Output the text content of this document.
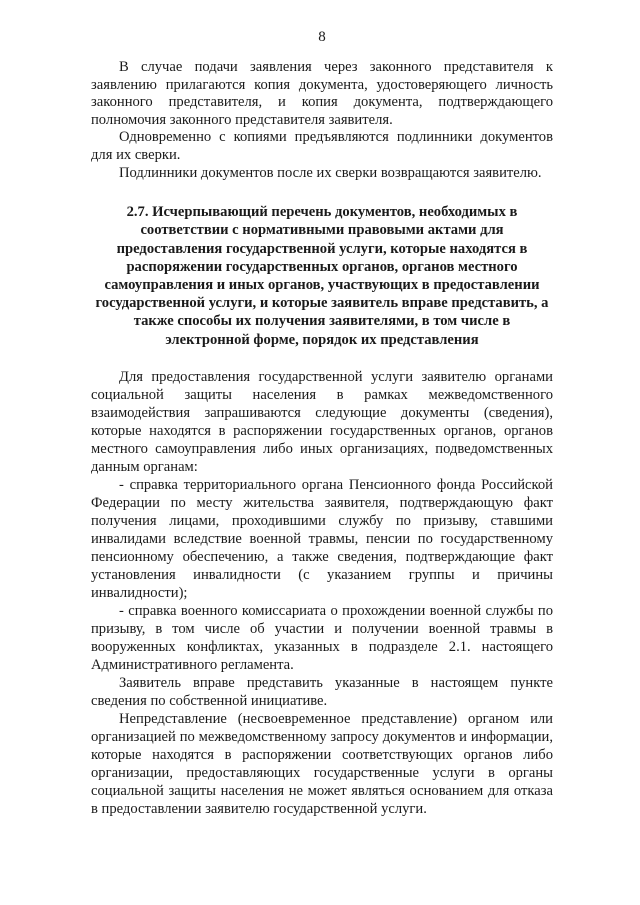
8

В случае подачи заявления через законного представителя к заявлению прилагаются копия документа, удостоверяющего личность законного представителя, и копия документа, подтверждающего полномочия законного представителя заявителя.

Одновременно с копиями предъявляются подлинники документов для их сверки.

Подлинники документов после их сверки возвращаются заявителю.

2.7. Исчерпывающий перечень документов, необходимых в соответствии с нормативными правовыми актами для предоставления государственной услуги, которые находятся в распоряжении государственных органов, органов местного самоуправления и иных органов, участвующих в предоставлении государственной услуги, и которые заявитель вправе представить, а также способы их получения заявителями, в том числе в электронной форме, порядок их представления

Для предоставления государственной услуги заявителю органами социальной защиты населения в рамках межведомственного взаимодействия запрашиваются следующие документы (сведения), которые находятся в распоряжении государственных органов, органов местного самоуправления либо иных организациях, подведомственных данным органам:

- справка территориального органа Пенсионного фонда Российской Федерации по месту жительства заявителя, подтверждающую факт получения лицами, проходившими службу по призыву, ставшими инвалидами вследствие военной травмы, пенсии по государственному пенсионному обеспечению, а также сведения, подтверждающие факт установления инвалидности (с указанием группы и причины инвалидности);

- справка военного комиссариата о прохождении военной службы по призыву, в том числе об участии и получении военной травмы в вооруженных конфликтах, указанных в подразделе 2.1. настоящего Административного регламента.

Заявитель вправе представить указанные в настоящем пункте сведения по собственной инициативе.

Непредставление (несвоевременное представление) органом или организацией по межведомственному запросу документов и информации, которые находятся в распоряжении соответствующих органов либо организации, предоставляющих государственные услуги в органы социальной защиты населения не может являться основанием для отказа в предоставлении заявителю государственной услуги.
